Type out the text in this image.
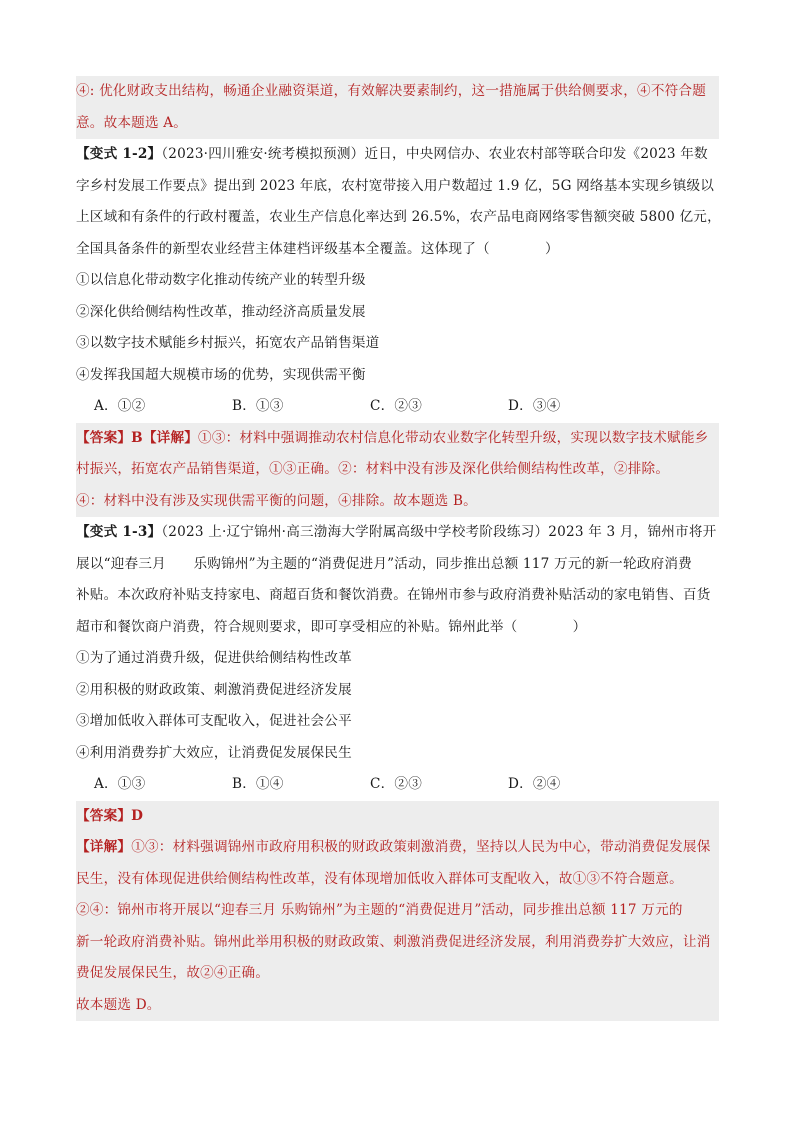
④: 优化财政支出结构，畅通企业融资渠道，有效解决要素制约，这一措施属于供给侧要求，④不符合题
意。故本题选 A。
【变式 1-2】（2023·四川雅安·统考模拟预测）近日，中央网信办、农业农村部等联合印发《2023 年数
字乡村发展工作要点》提出到 2023 年底，农村宽带接入用户数超过 1.9 亿，5G 网络基本实现乡镇级以
上区域和有条件的行政村覆盖，农业生产信息化率达到 26.5%，农产品电商网络零售额突破 5800 亿元，
全国具备条件的新型农业经营主体建档评级基本全覆盖。这体现了（　　　　）
①以信息化带动数字化推动传统产业的转型升级
②深化供给侧结构性改革，推动经济高质量发展
③以数字技术赋能乡村振兴，拓宽农产品销售渠道
④发挥我国超大规模市场的优势，实现供需平衡
A．①②	B．①③	C．②③	D．③④
【答案】B【详解】①③：材料中强调推动农村信息化带动农业数字化转型升级，实现以数字技术赋能乡
村振兴，拓宽农产品销售渠道，①③正确。②：材料中没有涉及深化供给侧结构性改革，②排除。
④：材料中没有涉及实现供需平衡的问题，④排除。故本题选 B。
【变式 1-3】（2023 上·辽宁锦州·高三渤海大学附属高级中学校考阶段练习）2023 年 3 月，锦州市将开
展以“迎春三月　　乐购锦州”为主题的“消费促进月”活动，同步推出总额 117 万元的新一轮政府消费
补贴。本次政府补贴支持家电、商超百货和餐饮消费。在锦州市参与政府消费补贴活动的家电销售、百货
超市和餐饮商户消费，符合规则要求，即可享受相应的补贴。锦州此举（　　　　）
①为了通过消费升级，促进供给侧结构性改革
②用积极的财政政策、刺激消费促进经济发展
③增加低收入群体可支配收入，促进社会公平
④利用消费券扩大效应，让消费促发展保民生
A．①③	B．①④	C．②③	D．②④
【答案】D
【详解】①③：材料强调锦州市政府用积极的财政政策刺激消费，坚持以人民为中心，带动消费促发展保
民生，没有体现促进供给侧结构性改革，没有体现增加低收入群体可支配收入，故①③不符合题意。
②④：锦州市将开展以“迎春三月 乐购锦州”为主题的“消费促进月”活动，同步推出总额 117 万元的
新一轮政府消费补贴。锦州此举用积极的财政政策、刺激消费促进经济发展，利用消费券扩大效应，让消
费促发展保民生，故②④正确。
故本题选 D。
